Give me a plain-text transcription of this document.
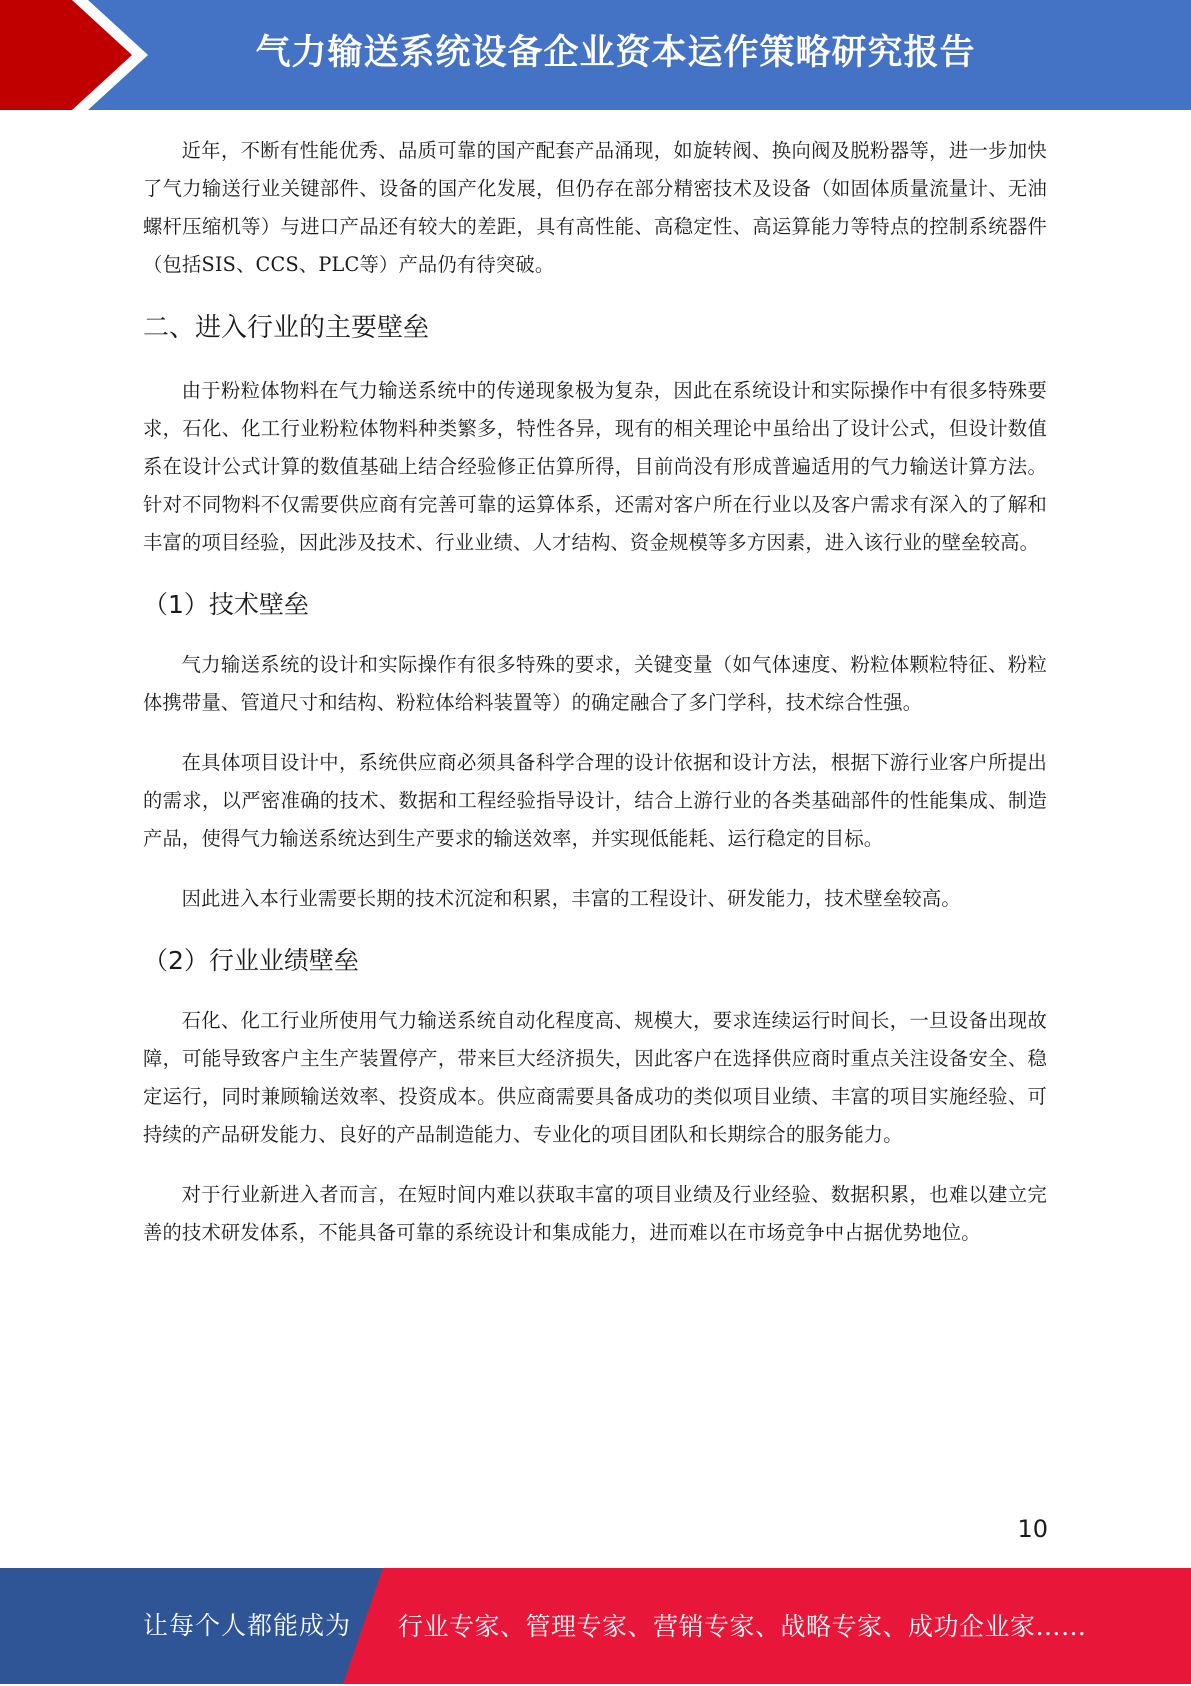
气力输送系统设备企业资本运作策略研究报告

近年，不断有性能优秀、品质可靠的国产配套产品涌现，如旋转阀、换向阀及脱粉器等，进一步加快了气力输送行业关键部件、设备的国产化发展，但仍存在部分精密技术及设备（如固体质量流量计、无油螺杆压缩机等）与进口产品还有较大的差距，具有高性能、高稳定性、高运算能力等特点的控制系统器件（包括SIS、CCS、PLC等）产品仍有待突破。

二、进入行业的主要壁垒

由于粉粒体物料在气力输送系统中的传递现象极为复杂，因此在系统设计和实际操作中有很多特殊要求，石化、化工行业粉粒体物料种类繁多，特性各异，现有的相关理论中虽给出了设计公式，但设计数值系在设计公式计算的数值基础上结合经验修正估算所得，目前尚没有形成普遍适用的气力输送计算方法。针对不同物料不仅需要供应商有完善可靠的运算体系，还需对客户所在行业以及客户需求有深入的了解和丰富的项目经验，因此涉及技术、行业业绩、人才结构、资金规模等多方因素，进入该行业的壁垒较高。

（1）技术壁垒

气力输送系统的设计和实际操作有很多特殊的要求，关键变量（如气体速度、粉粒体颗粒特征、粉粒体携带量、管道尺寸和结构、粉粒体给料装置等）的确定融合了多门学科，技术综合性强。

在具体项目设计中，系统供应商必须具备科学合理的设计依据和设计方法，根据下游行业客户所提出的需求，以严密准确的技术、数据和工程经验指导设计，结合上游行业的各类基础部件的性能集成、制造产品，使得气力输送系统达到生产要求的输送效率，并实现低能耗、运行稳定的目标。

因此进入本行业需要长期的技术沉淀和积累，丰富的工程设计、研发能力，技术壁垒较高。

（2）行业业绩壁垒

石化、化工行业所使用气力输送系统自动化程度高、规模大，要求连续运行时间长，一旦设备出现故障，可能导致客户主生产装置停产，带来巨大经济损失，因此客户在选择供应商时重点关注设备安全、稳定运行，同时兼顾输送效率、投资成本。供应商需要具备成功的类似项目业绩、丰富的项目实施经验、可持续的产品研发能力、良好的产品制造能力、专业化的项目团队和长期综合的服务能力。

对于行业新进入者而言，在短时间内难以获取丰富的项目业绩及行业经验、数据积累，也难以建立完善的技术研发体系，不能具备可靠的系统设计和集成能力，进而难以在市场竞争中占据优势地位。

10
让每个人都能成为 行业专家、管理专家、营销专家、战略专家、成功企业家……
